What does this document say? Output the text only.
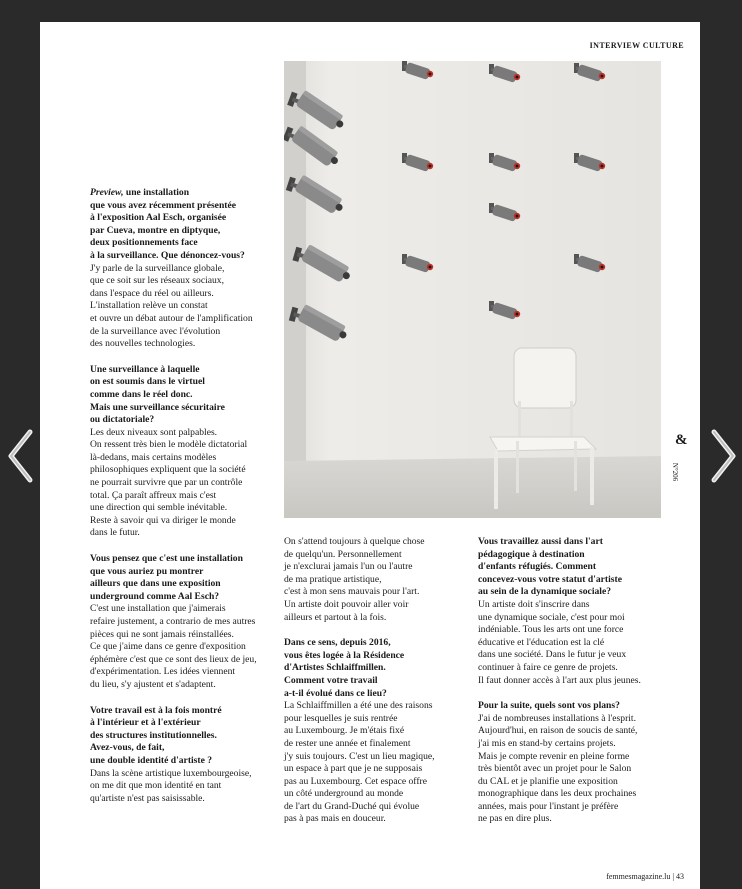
INTERVIEW CULTURE

Preview, une installation
que vous avez récemment présentée
à l'exposition Aal Esch, organisée
par Cueva, montre en diptyque,
deux positionnements face
à la surveillance. Que dénoncez-vous?
J'y parle de la surveillance globale,
que ce soit sur les réseaux sociaux,
dans l'espace du réel ou ailleurs.
L'installation relève un constat
et ouvre un débat autour de l'amplification
de la surveillance avec l'évolution
des nouvelles technologies.

Une surveillance à laquelle
on est soumis dans le virtuel
comme dans le réel donc.
Mais une surveillance sécuritaire
ou dictatoriale?
Les deux niveaux sont palpables.
On ressent très bien le modèle dictatorial
là-dedans, mais certains modèles
philosophiques expliquent que la société
ne pourrait survivre que par un contrôle
total. Ça paraît affreux mais c'est
une direction qui semble inévitable.
Reste à savoir qui va diriger le monde
dans le futur.

Vous pensez que c'est une installation
que vous auriez pu montrer
ailleurs que dans une exposition
underground comme Aal Esch?
C'est une installation que j'aimerais
refaire justement, a contrario de mes autres
pièces qui ne sont jamais réinstallées.
Ce que j'aime dans ce genre d'exposition
éphémère c'est que ce sont des lieux de jeu,
d'expérimentation. Les idées viennent
du lieu, s'y ajustent et s'adaptent.

Votre travail est à la fois montré
à l'intérieur et à l'extérieur
des structures institutionnelles.
Avez-vous, de fait,
une double identité d'artiste ?
Dans la scène artistique luxembourgeoise,
on me dit que mon identité en tant
qu'artiste n'est pas saisissable.

On s'attend toujours à quelque chose
de quelqu'un. Personnellement
je n'exclurai jamais l'un ou l'autre
de ma pratique artistique,
c'est à mon sens mauvais pour l'art.
Un artiste doit pouvoir aller voir
ailleurs et partout à la fois.

Dans ce sens, depuis 2016,
vous êtes logée à la Résidence
d'Artistes Schlaiffmillen.
Comment votre travail
a-t-il évolué dans ce lieu?
La Schlaiffmillen a été une des raisons
pour lesquelles je suis rentrée
au Luxembourg. Je m'étais fixé
de rester une année et finalement
j'y suis toujours. C'est un lieu magique,
un espace à part que je ne supposais
pas au Luxembourg. Cet espace offre
un côté underground au monde
de l'art du Grand-Duché qui évolue
pas à pas mais en douceur.

Vous travaillez aussi dans l'art
pédagogique à destination
d'enfants réfugiés. Comment
concevez-vous votre statut d'artiste
au sein de la dynamique sociale?
Un artiste doit s'inscrire dans
une dynamique sociale, c'est pour moi
indéniable. Tous les arts ont une force
éducative et l'éducation est la clé
dans une société. Dans le futur je veux
continuer à faire ce genre de projets.
Il faut donner accès à l'art aux plus jeunes.

Pour la suite, quels sont vos plans?
J'ai de nombreuses installations à l'esprit.
Aujourd'hui, en raison de soucis de santé,
j'ai mis en stand-by certains projets.
Mais je compte revenir en pleine forme
très bientôt avec un projet pour le Salon
du CAL et je planifie une exposition
monographique dans les deux prochaines
années, mais pour l'instant je préfère
ne pas en dire plus.

&
N°206
femmesmagazine.lu | 43
